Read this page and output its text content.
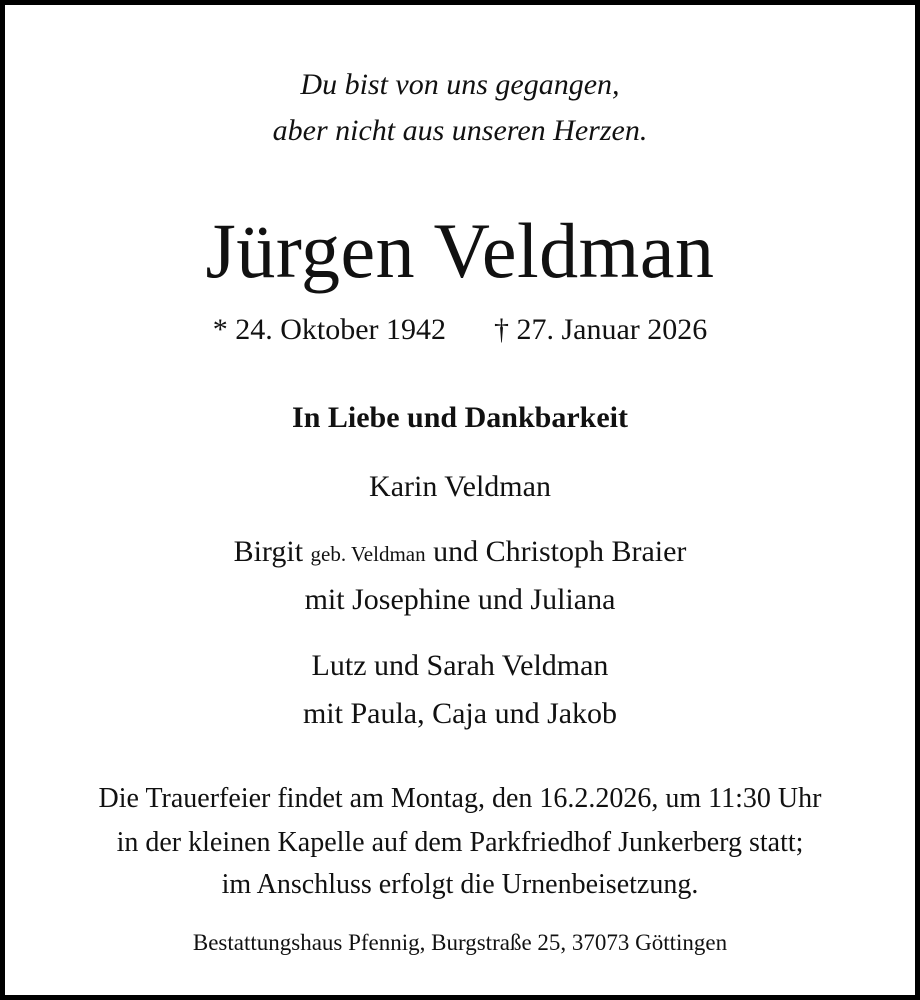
Du bist von uns gegangen,
aber nicht aus unseren Herzen.
Jürgen Veldman
* 24. Oktober 1942 † 27. Januar 2026
In Liebe und Dankbarkeit
Karin Veldman
Birgit geb. Veldman und Christoph Braier
mit Josephine und Juliana
Lutz und Sarah Veldman
mit Paula, Caja und Jakob
Die Trauerfeier findet am Montag, den 16.2.2026, um 11:30 Uhr
in der kleinen Kapelle auf dem Parkfriedhof Junkerberg statt;
im Anschluss erfolgt die Urnenbeisetzung.
Bestattungshaus Pfennig, Burgstraße 25, 37073 Göttingen
